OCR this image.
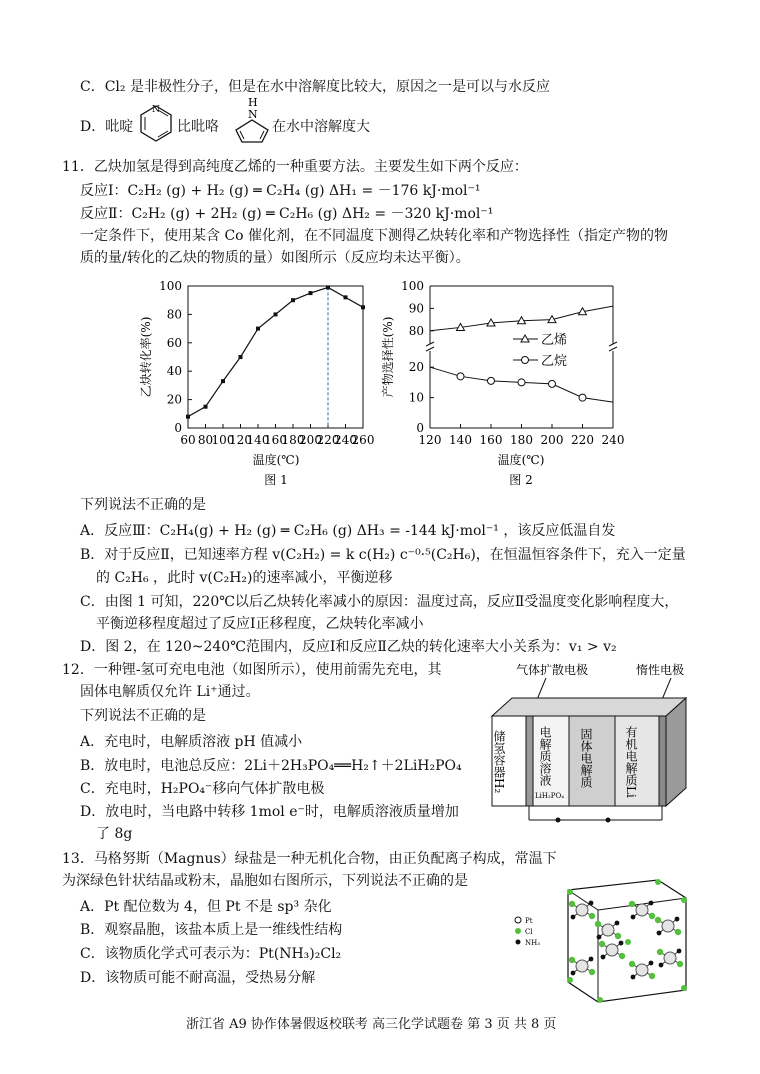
C．Cl₂ 是非极性分子，但是在水中溶解度比较大，原因之一是可以与水反应
D．吡啶
N
比吡咯
H
N
在水中溶解度大
11．乙炔加氢是得到高纯度乙烯的一种重要方法。主要发生如下两个反应：
反应Ⅰ：C₂H₂ (g) + H₂ (g) ═ C₂H₄ (g) ΔH₁ = －176 kJ·mol⁻¹
反应Ⅱ：C₂H₂ (g) + 2H₂ (g) ═ C₂H₆ (g) ΔH₂ = －320 kJ·mol⁻¹
一定条件下，使用某含 Co 催化剂，在不同温度下测得乙炔转化率和产物选择性（指定产物的物
质的量/转化的乙炔的物质的量）如图所示（反应均未达平衡）。
60 80
100
120
140
160
180
200
220
240
260
0
20
40
60
80
100
温度(℃)
乙炔转化率(%)
图 1
120 140 160 180 200 220 240
80
90
100
0
10
20
乙烯
乙烷
温度(℃)
产物选择性(%)
图 2
下列说法不正确的是
A．反应Ⅲ：C₂H₄(g) + H₂ (g) ═ C₂H₆ (g) ΔH₃ = -144 kJ·mol⁻¹ ，该反应低温自发
B．对于反应Ⅱ，已知速率方程 v(C₂H₂) = k c(H₂) c⁻⁰·⁵(C₂H₆)，在恒温恒容条件下，充入一定量
的 C₂H₆ ，此时 v(C₂H₂)的速率减小，平衡逆移
C．由图 1 可知，220℃以后乙炔转化率减小的原因：温度过高，反应Ⅱ受温度变化影响程度大，
平衡逆移程度超过了反应Ⅰ正移程度，乙炔转化率减小
D．图 2，在 120~240℃范围内，反应Ⅰ和反应Ⅱ乙炔的转化速率大小关系为：v₁ > v₂
12．一种锂-氢可充电电池（如图所示），使用前需先充电，其
固体电解质仅允许 Li⁺通过。
下列说法不正确的是
A．充电时，电解质溶液 pH 值减小
B．放电时，电池总反应：2Li＋2H₃PO₄══H₂↑＋2LiH₂PO₄
C．充电时，H₂PO₄⁻移向气体扩散电极
D．放电时，当电路中转移 1mol e⁻时，电解质溶液质量增加
了 8g
气体扩散电极	惰性电极
储氢容器H₂	电解质溶液
LiH₂PO₄
固体电解质	有机电解质Li
13．马格努斯（Magnus）绿盐是一种无机化合物，由正负配离子构成，常温下
为深绿色针状结晶或粉末，晶胞如右图所示，下列说法不正确的是
A．Pt 配位数为 4，但 Pt 不是 sp³ 杂化
B．观察晶胞，该盐本质上是一维线性结构
C．该物质化学式可表示为：Pt(NH₃)₂Cl₂
D．该物质可能不耐高温，受热易分解
Pt
Cl
NH₃
浙江省 A9 协作体暑假返校联考 高三化学试题卷 第 3 页 共 8 页
